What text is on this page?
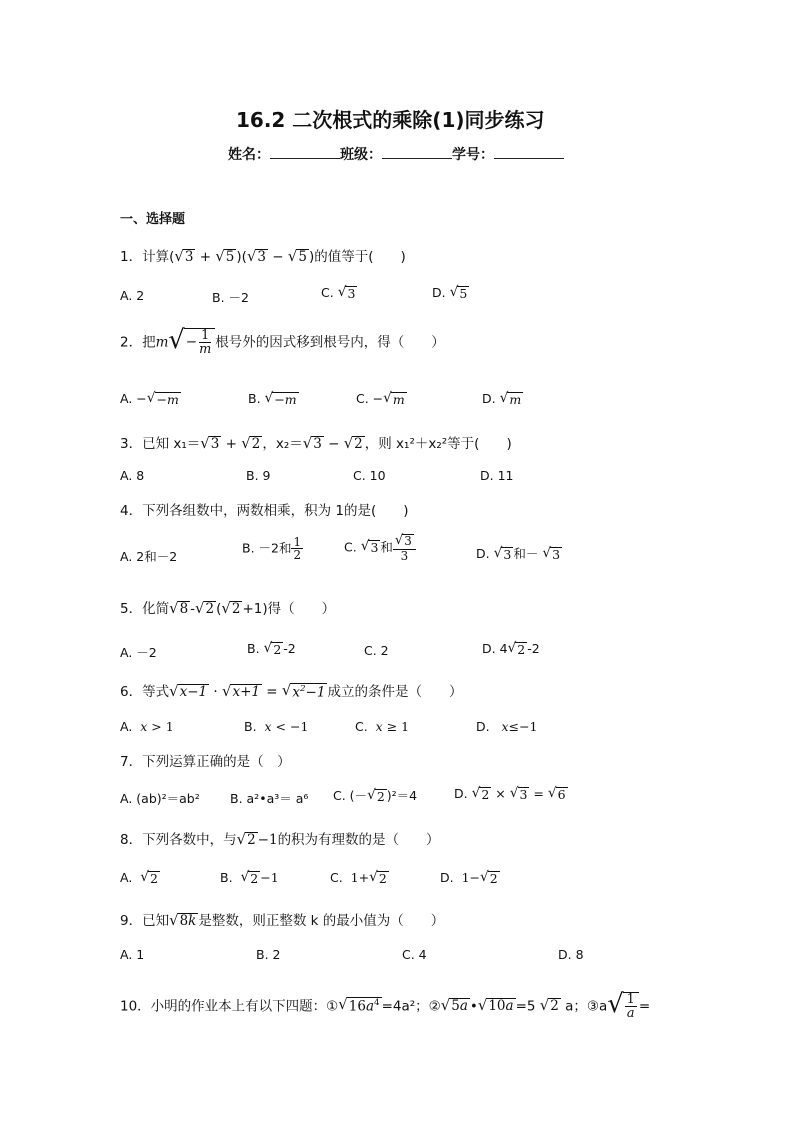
16.2 二次根式的乘除(1)同步练习
姓名：	班级：	学号：
一、选择题
1．计算( √ 3 + √ 5 )( √ 3 − √ 5 )的值等于(　　)
A. 2	B. －2	C. √ 3	D. √ 5
2．把m √ − $\frac{1}{m}$ 根号外的因式移到根号内，得（　　）
A. − √ −m	B. √ −m	C. − √ m	D. √ m
3．已知 x₁＝ √ 3 + √ 2 ，x₂＝ √ 3 − √ 2 ，则 x₁²＋x₂²等于(　　)
A. 8	B. 9	C. 10	D. 11
4．下列各组数中，两数相乘，积为 1的是(　　)
A. 2和－2
B. －2和 $\frac{1}{2}$	C. √ 3 和 $\frac{√ 3}{3}$	D. √ 3 和－ √ 3
5．化简 √ 8 - √ 2 ( √ 2 +1)得（　　）
A. －2	B. √ 2 -2	C. 2	D. 4 √ 2 -2
6．等式 √ x−1 · √ x+1 = √ $x^2-1$ 成立的条件是（　　）
A. x > 1	B. x < −1	C. x ≥ 1	D. x≤−1
7．下列运算正确的是（　）
A. (ab)²＝ab² B. a²•a³＝ a⁶ C. (－ √ 2 )²＝4	D. √ 2 × √ 3 = √ 6
8．下列各数中，与 √ 2 −1的积为有理数的是（　　）
A. √ 2	B. √ 2 −1	C. 1+ √ 2	D. 1− √ 2
9．已知 √ 8k 是整数，则正整数 k 的最小值为（　　）
A. 1	B. 2	C. 4	D. 8
10．小明的作业本上有以下四题：① √ $16a^4 =4a^2$；② √ 5a • √ 10a =5 √ 2 a；③a √ $\frac{1}{a}$ =
